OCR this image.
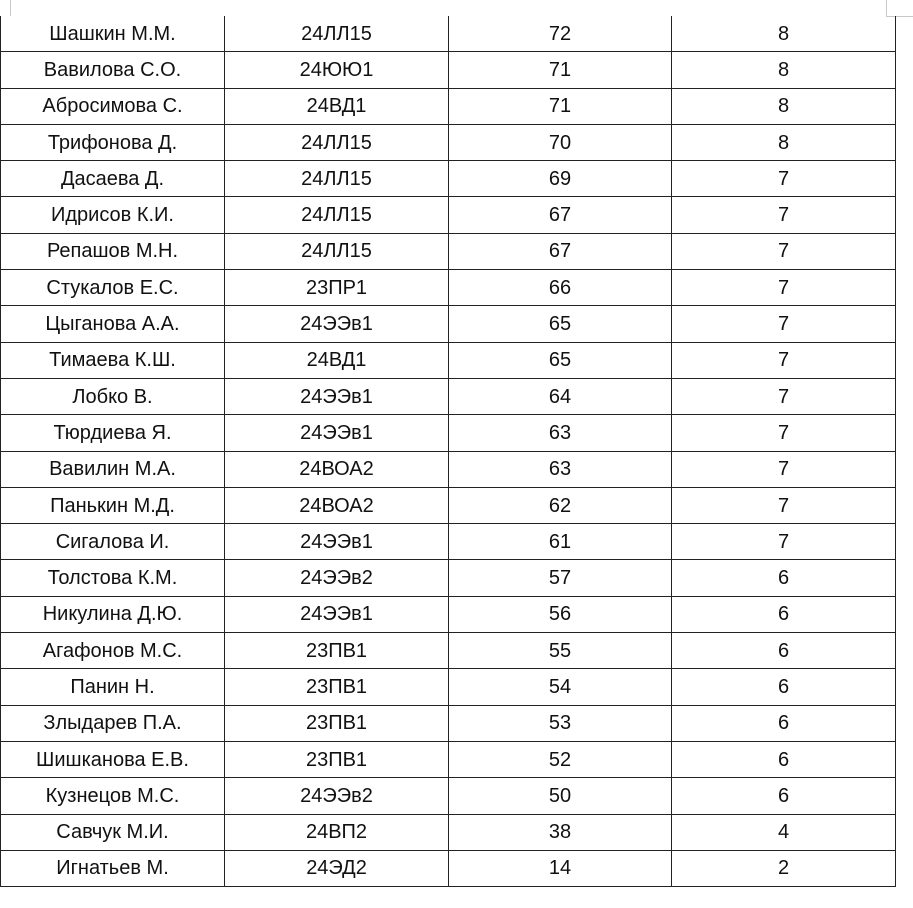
Шашкин М.М.	24ЛЛ15	72	8
Вавилова С.О.	24ЮЮ1	71	8
Абросимова С.	24ВД1	71	8
Трифонова Д.	24ЛЛ15	70	8
Дасаева Д.	24ЛЛ15	69	7
Идрисов К.И.	24ЛЛ15	67	7
Репашов М.Н.	24ЛЛ15	67	7
Стукалов Е.С.	23ПР1	66	7
Цыганова А.А.	24ЭЭв1	65	7
Тимаева К.Ш.	24ВД1	65	7
Лобко В.	24ЭЭв1	64	7
Тюрдиева Я.	24ЭЭв1	63	7
Вавилин М.А.	24ВОА2	63	7
Панькин М.Д.	24ВОА2	62	7
Сигалова И.	24ЭЭв1	61	7
Толстова К.М.	24ЭЭв2	57	6
Никулина Д.Ю.	24ЭЭв1	56	6
Агафонов М.С.	23ПВ1	55	6
Панин Н.	23ПВ1	54	6
Злыдарев П.А.	23ПВ1	53	6
Шишканова Е.В.	23ПВ1	52	6
Кузнецов М.С.	24ЭЭв2	50	6
Савчук М.И.	24ВП2	38	4
Игнатьев М.	24ЭД2	14	2
